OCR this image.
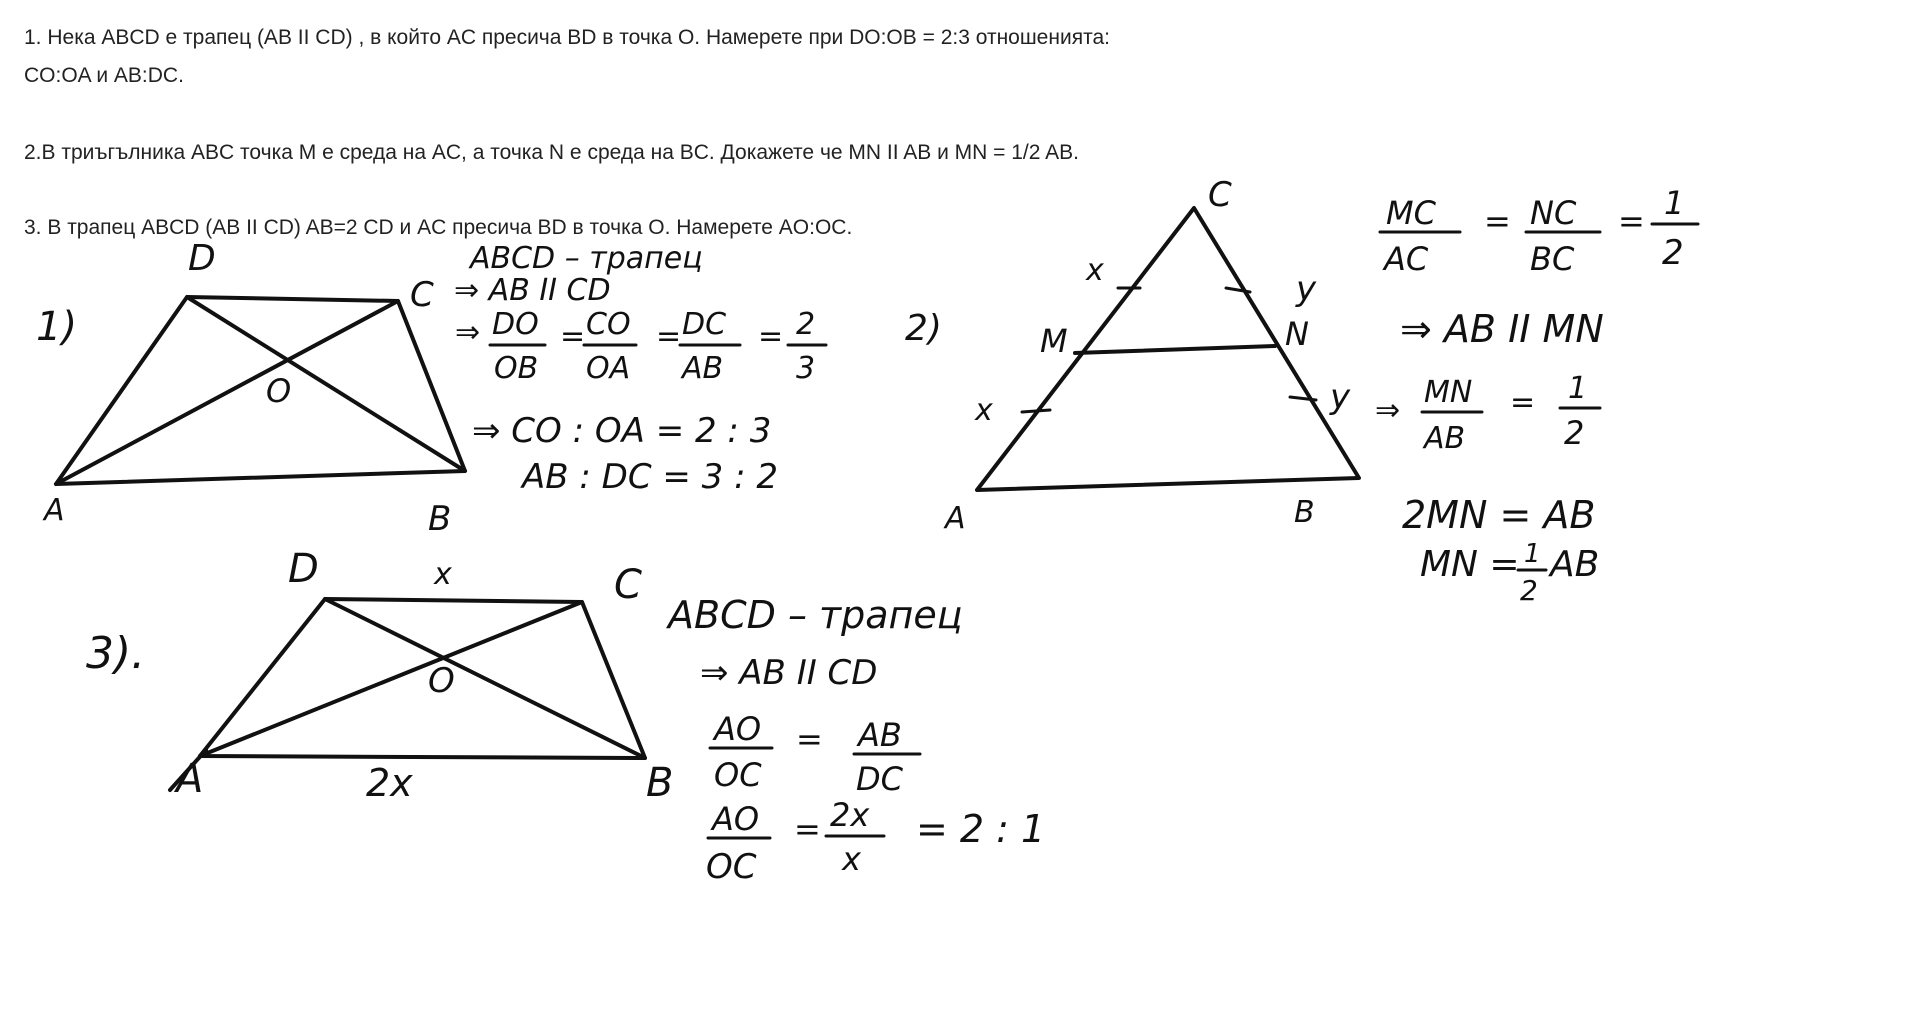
1. Нека ABCD е трапец (AB II CD) , в който AC пресича BD в точка O. Намерете при DO:OB = 2:3 отношенията:
CO:OA и AB:DC.
2.В триъгълника ABC точка M е среда на AC, а точка N е среда на BC. Докажете че MN II AB и MN = 1/2 AB.
3. В трапец ABCD (AB II CD) AB=2 CD и AC пресича BD в точка O. Намерете AO:OC.
1)
A	B
C
D
O
ABCD – трапец
⇒ AB II CD
⇒ DO
OB
= CO
OA
= DC
AB
= 2
3
⇒ CO : OA = 2 : 3
AB : DC = 3 : 2
2)
A	B
C
M	N
x
x
y
y
MC
AC
= NC
BC
= 1
2
⇒ AB II MN
⇒
MN
AB
= 1
2
2MN = AB
MN = 1
2
AB
3).
A	B
C
D
O
x
2x
ABCD – трапец
⇒ AB II CD
AO
OC
= AB
DC
AO
OC
= 2x
x
= 2 : 1
